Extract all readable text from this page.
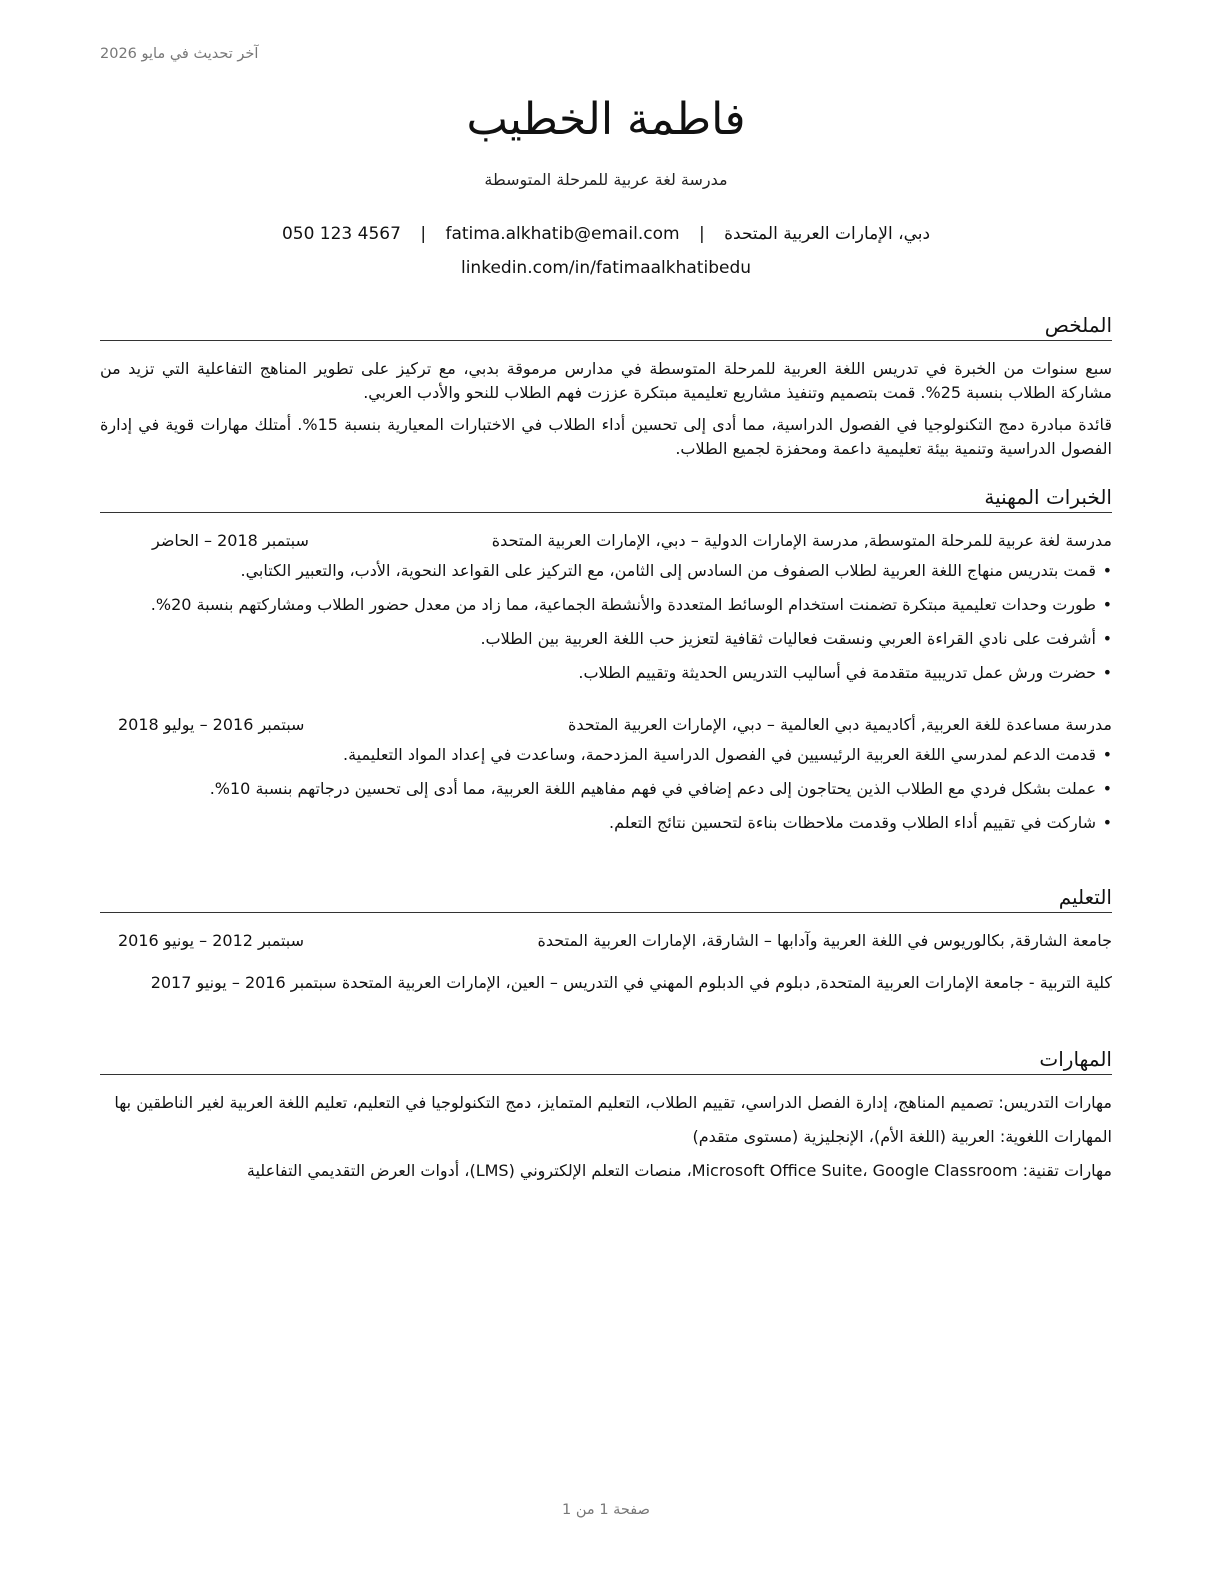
آخر تحديث في مايو 2026
فاطمة الخطيب
مدرسة لغة عربية للمرحلة المتوسطة
دبي، الإمارات العربية المتحدة | fatima.alkhatib@email.com | 050 123 4567
linkedin.com/in/fatimaalkhatibedu
الملخص

سبع سنوات من الخبرة في تدريس اللغة العربية للمرحلة المتوسطة في مدارس مرموقة بدبي، مع تركيز على تطوير المناهج التفاعلية التي تزيد من مشاركة الطلاب بنسبة 25%. قمت بتصميم وتنفيذ مشاريع تعليمية مبتكرة عززت فهم الطلاب للنحو والأدب العربي.

قائدة مبادرة دمج التكنولوجيا في الفصول الدراسية، مما أدى إلى تحسين أداء الطلاب في الاختبارات المعيارية بنسبة 15%. أمتلك مهارات قوية في إدارة الفصول الدراسية وتنمية بيئة تعليمية داعمة ومحفزة لجميع الطلاب.

الخبرات المهنية
مدرسة لغة عربية للمرحلة المتوسطة, مدرسة الإمارات الدولية – دبي، الإمارات العربية المتحدة
سبتمبر 2018 – الحاضر
• قمت بتدريس منهاج اللغة العربية لطلاب الصفوف من السادس إلى الثامن، مع التركيز على القواعد النحوية، الأدب، والتعبير الكتابي.
• طورت وحدات تعليمية مبتكرة تضمنت استخدام الوسائط المتعددة والأنشطة الجماعية، مما زاد من معدل حضور الطلاب ومشاركتهم بنسبة 20%.
• أشرفت على نادي القراءة العربي ونسقت فعاليات ثقافية لتعزيز حب اللغة العربية بين الطلاب.
• حضرت ورش عمل تدريبية متقدمة في أساليب التدريس الحديثة وتقييم الطلاب.
مدرسة مساعدة للغة العربية, أكاديمية دبي العالمية – دبي، الإمارات العربية المتحدة
سبتمبر 2016 – يوليو 2018
• قدمت الدعم لمدرسي اللغة العربية الرئيسيين في الفصول الدراسية المزدحمة، وساعدت في إعداد المواد التعليمية.
• عملت بشكل فردي مع الطلاب الذين يحتاجون إلى دعم إضافي في فهم مفاهيم اللغة العربية، مما أدى إلى تحسين درجاتهم بنسبة 10%.
• شاركت في تقييم أداء الطلاب وقدمت ملاحظات بناءة لتحسين نتائج التعلم.
التعليم
جامعة الشارقة, بكالوريوس في اللغة العربية وآدابها – الشارقة، الإمارات العربية المتحدة
سبتمبر 2012 – يونيو 2016
كلية التربية - جامعة الإمارات العربية المتحدة, دبلوم في الدبلوم المهني في التدريس – العين، الإمارات العربية المتحدة سبتمبر 2016 – يونيو 2017
المهارات

مهارات التدريس: تصميم المناهج، إدارة الفصل الدراسي، تقييم الطلاب، التعليم المتمايز، دمج التكنولوجيا في التعليم، تعليم اللغة العربية لغير الناطقين بها

المهارات اللغوية: العربية (اللغة الأم)، الإنجليزية (مستوى متقدم)

مهارات تقنية: Microsoft Office Suite، Google Classroom، منصات التعلم الإلكتروني (LMS)، أدوات العرض التقديمي التفاعلية

صفحة 1 من 1
